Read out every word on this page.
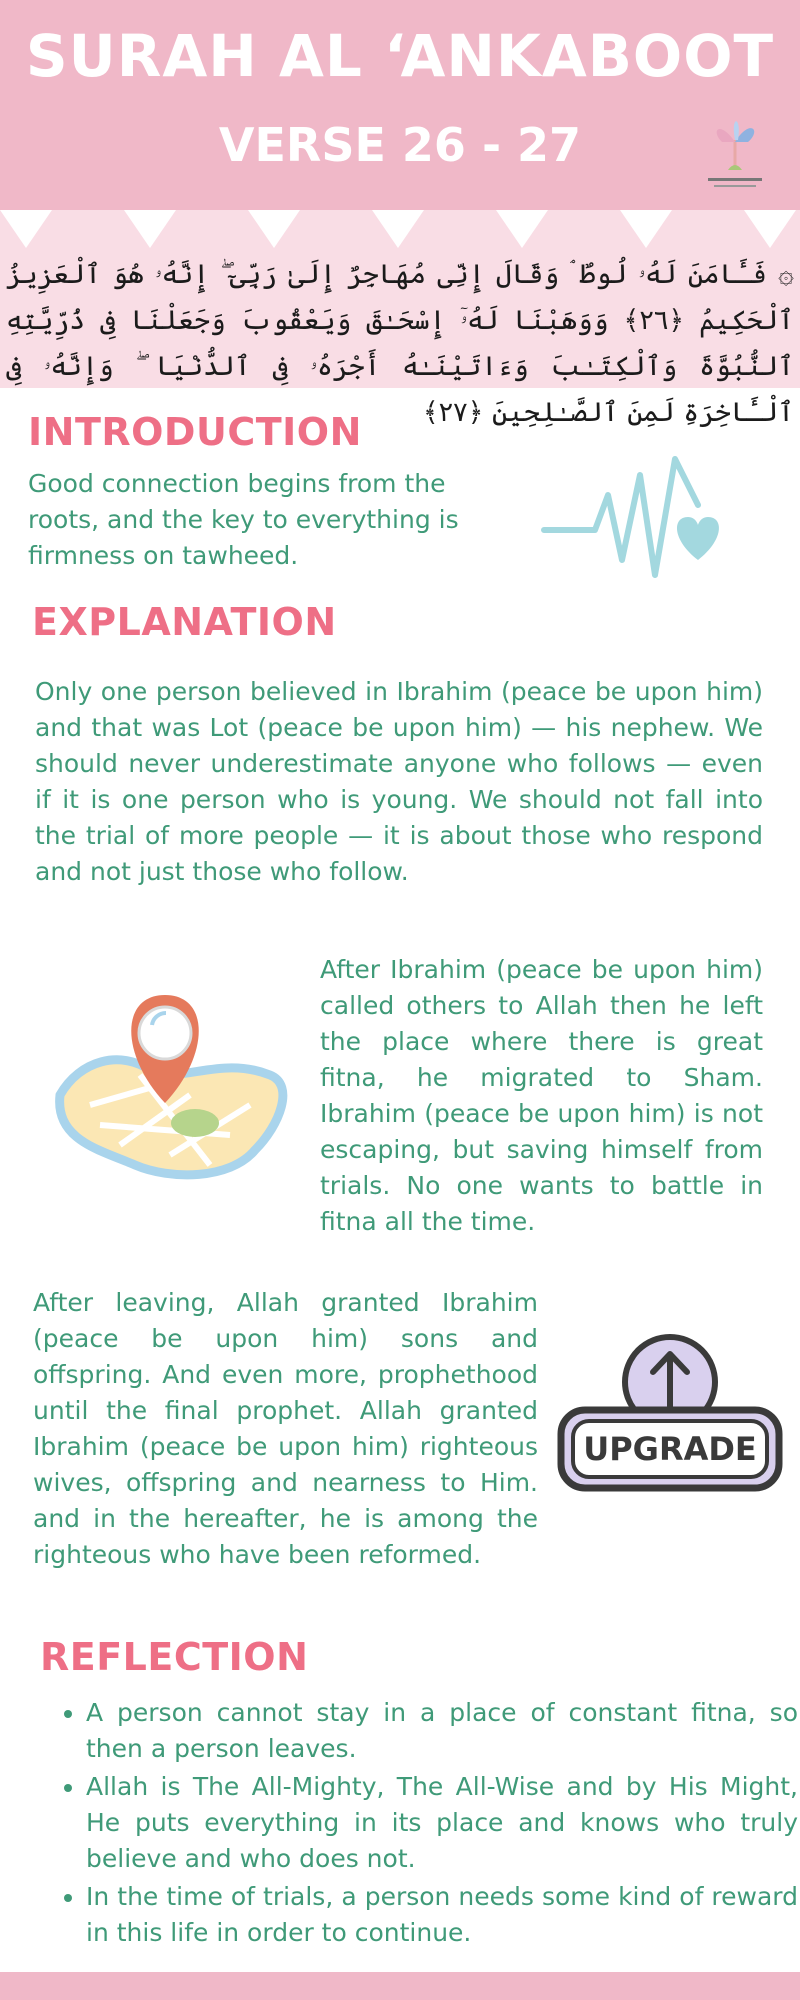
SURAH AL ‘ANKABOOT
VERSE 26 - 27
۞ فَـَٔامَنَ لَهُۥ لُوطٌ ۘ وَقَالَ إِنِّى مُهَاجِرٌ إِلَىٰ رَبِّىٓ ۖ إِنَّهُۥ هُوَ ٱلْعَزِيزُ ٱلْحَكِيمُ ﴿٢٦﴾ وَوَهَبْنَا لَهُۥٓ إِسْحَـٰقَ وَيَعْقُوبَ وَجَعَلْنَا فِى ذُرِّيَّتِهِ ٱلنُّبُوَّةَ وَٱلْكِتَـٰبَ وَءَاتَيْنَـٰهُ أَجْرَهُۥ فِى ٱلدُّنْيَا ۖ وَإِنَّهُۥ فِى ٱلْـَٔاخِرَةِ لَمِنَ ٱلصَّـٰلِحِينَ ﴿٢٧﴾
INTRODUCTION
Good connection begins from the roots, and the key to everything is firmness on tawheed.
EXPLANATION
Only one person believed in Ibrahim (peace be upon him) and that was Lot (peace be upon him) — his nephew. We should never underestimate anyone who follows — even if it is one person who is young. We should not fall into the trial of more people — it is about those who respond and not just those who follow.
After Ibrahim (peace be upon him) called others to Allah then he left the place where there is great fitna, he migrated to Sham. Ibrahim (peace be upon him) is not escaping, but saving himself from trials. No one wants to battle in fitna all the time.
After leaving, Allah granted Ibrahim (peace be upon him) sons and offspring. And even more, prophethood until the final prophet. Allah granted Ibrahim (peace be upon him) righteous wives, offspring and nearness to Him. and in the hereafter, he is among the righteous who have been reformed.
UPGRADE
REFLECTION
• A person cannot stay in a place of constant fitna, so then a person leaves.
• Allah is The All-Mighty, The All-Wise and by His Might, He puts everything in its place and knows who truly believe and who does not.
• In the time of trials, a person needs some kind of reward in this life in order to continue.
